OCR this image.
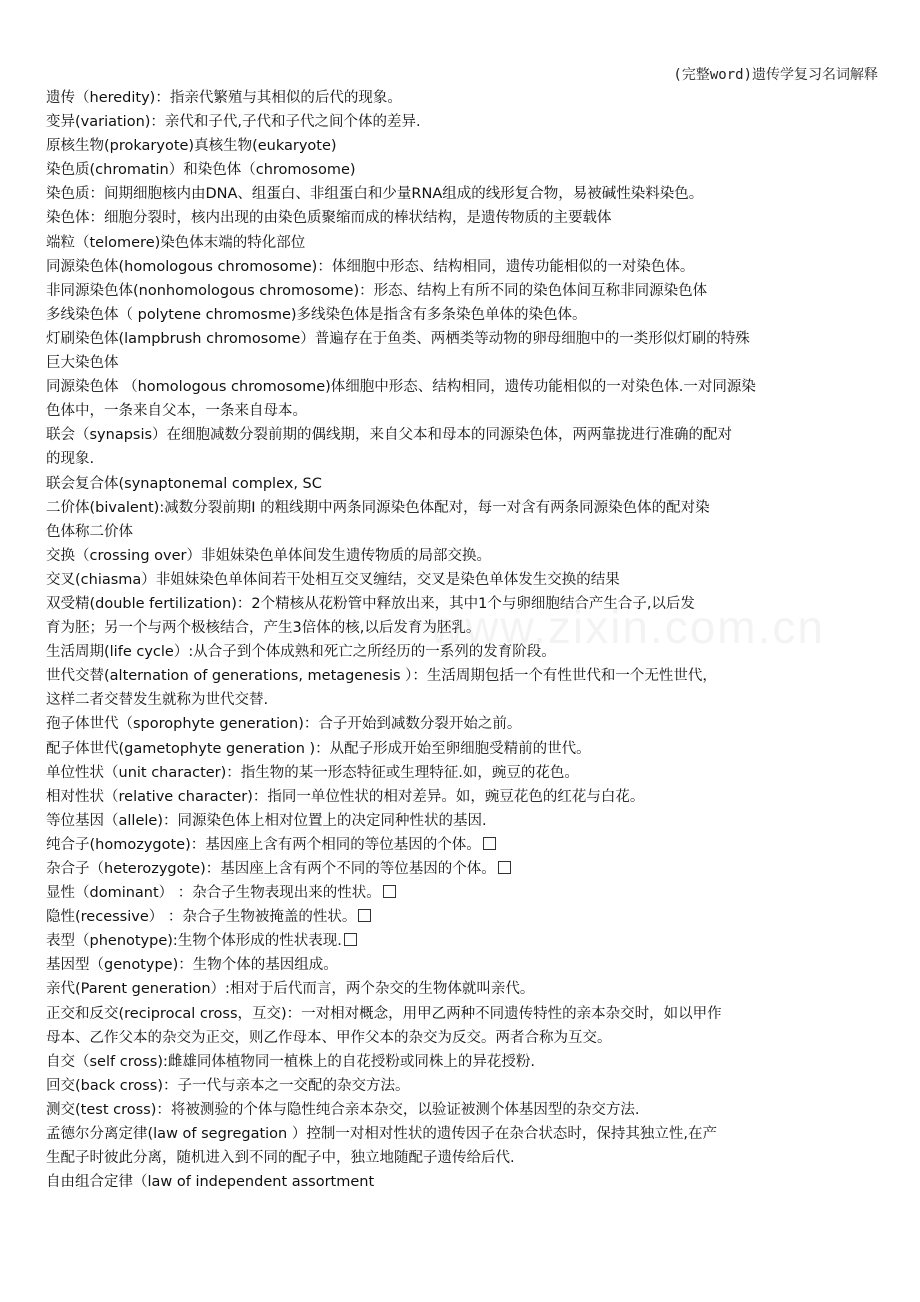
(完整word)遗传学复习名词解释
遗传（heredity)：指亲代繁殖与其相似的后代的现象。
变异(variation)：亲代和子代,子代和子代之间个体的差异.
原核生物(prokaryote)真核生物(eukaryote)
染色质(chromatin）和染色体（chromosome)
染色质：间期细胞核内由DNA、组蛋白、非组蛋白和少量RNA组成的线形复合物，易被碱性染料染色。
染色体：细胞分裂时，核内出现的由染色质聚缩而成的棒状结构，是遗传物质的主要载体
端粒（telomere)染色体末端的特化部位
同源染色体(homologous chromosome)：体细胞中形态、结构相同，遗传功能相似的一对染色体。
非同源染色体(nonhomologous chromosome)：形态、结构上有所不同的染色体间互称非同源染色体
多线染色体（ polytene chromosme)多线染色体是指含有多条染色单体的染色体。
灯刷染色体(lampbrush chromosome）普遍存在于鱼类、两栖类等动物的卵母细胞中的一类形似灯刷的特殊
巨大染色体
同源染色体 （homologous chromosome)体细胞中形态、结构相同，遗传功能相似的一对染色体.一对同源染
色体中，一条来自父本，一条来自母本。
联会（synapsis）在细胞减数分裂前期的偶线期，来自父本和母本的同源染色体，两两靠拢进行准确的配对
的现象.
联会复合体(synaptonemal complex, SC
二价体(bivalent):减数分裂前期Ⅰ 的粗线期中两条同源染色体配对，每一对含有两条同源染色体的配对染
色体称二价体
交换（crossing over）非姐妹染色单体间发生遗传物质的局部交换。
交叉(chiasma）非姐妹染色单体间若干处相互交叉缠结，交叉是染色单体发生交换的结果
双受精(double fertilization)：2个精核从花粉管中释放出来，其中1个与卵细胞结合产生合子,以后发
育为胚；另一个与两个极核结合，产生3倍体的核,以后发育为胚乳。
生活周期(life cycle）:从合子到个体成熟和死亡之所经历的一系列的发育阶段。
世代交替(alternation of generations, metagenesis ）：生活周期包括一个有性世代和一个无性世代，
这样二者交替发生就称为世代交替.
孢子体世代（sporophyte generation)：合子开始到减数分裂开始之前。
配子体世代(gametophyte generation )：从配子形成开始至卵细胞受精前的世代。
单位性状（unit character)：指生物的某一形态特征或生理特征.如，豌豆的花色。
相对性状（relative character)：指同一单位性状的相对差异。如，豌豆花色的红花与白花。
等位基因（allele)：同源染色体上相对位置上的决定同种性状的基因.
纯合子(homozygote)：基因座上含有两个相同的等位基因的个体。
杂合子（heterozygote)：基因座上含有两个不同的等位基因的个体。
显性（dominant） ：杂合子生物表现出来的性状。
隐性(recessive） ：杂合子生物被掩盖的性状。
表型（phenotype):生物个体形成的性状表现.
基因型（genotype)：生物个体的基因组成。
亲代(Parent generation）:相对于后代而言，两个杂交的生物体就叫亲代。
正交和反交(reciprocal cross，互交)：一对相对概念，用甲乙两种不同遗传特性的亲本杂交时，如以甲作
母本、乙作父本的杂交为正交，则乙作母本、甲作父本的杂交为反交。两者合称为互交。
自交（self cross):雌雄同体植物同一植株上的自花授粉或同株上的异花授粉.
回交(back cross)：子一代与亲本之一交配的杂交方法。
测交(test cross)：将被测验的个体与隐性纯合亲本杂交，以验证被测个体基因型的杂交方法.
孟德尔分离定律(law of segregation ）控制一对相对性状的遗传因子在杂合状态时，保持其独立性,在产
生配子时彼此分离，随机进入到不同的配子中，独立地随配子遗传给后代.
自由组合定律（law of independent assortment
